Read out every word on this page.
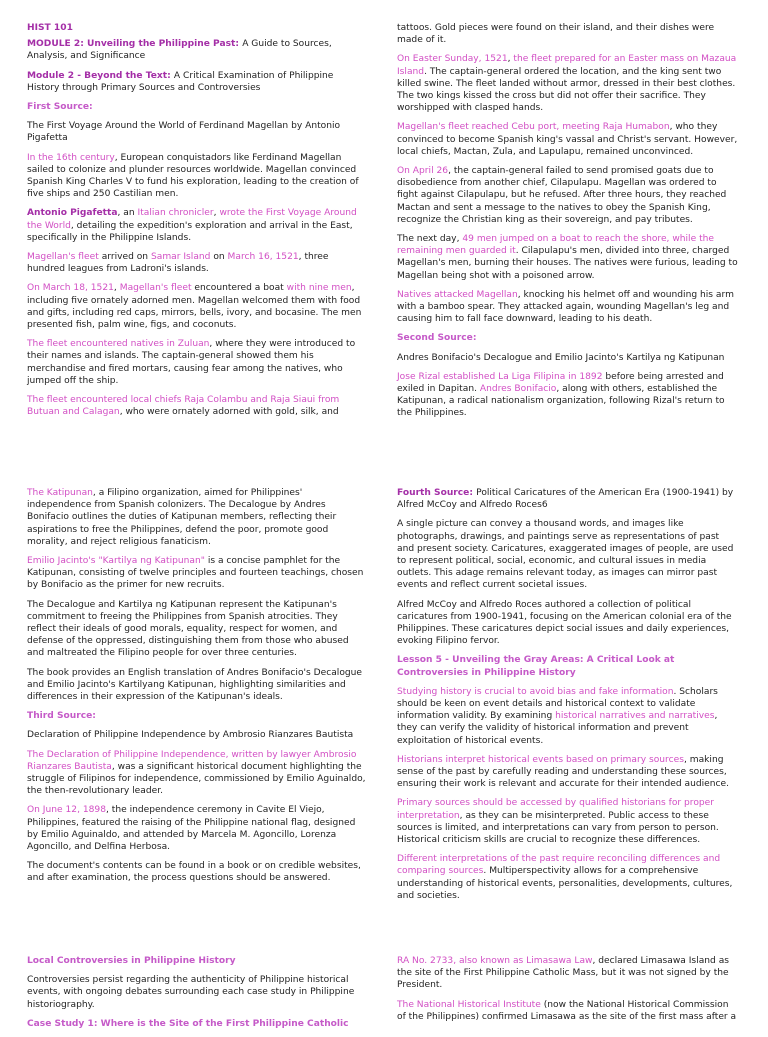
HIST 101

MODULE 2: Unveiling the Philippine Past: A Guide to Sources, Analysis, and Significance

Module 2 - Beyond the Text: A Critical Examination of Philippine History through Primary Sources and Controversies

First Source:

The First Voyage Around the World of Ferdinand Magellan by Antonio Pigafetta

In the 16th century, European conquistadors like Ferdinand Magellan sailed to colonize and plunder resources worldwide. Magellan convinced Spanish King Charles V to fund his exploration, leading to the creation of five ships and 250 Castilian men.

Antonio Pigafetta, an Italian chronicler, wrote the First Voyage Around the World, detailing the expedition's exploration and arrival in the East, specifically in the Philippine Islands.

Magellan's fleet arrived on Samar Island on March 16, 1521, three hundred leagues from Ladroni's islands.

On March 18, 1521, Magellan's fleet encountered a boat with nine men, including five ornately adorned men. Magellan welcomed them with food and gifts, including red caps, mirrors, bells, ivory, and bocasine. The men presented fish, palm wine, figs, and coconuts.

The fleet encountered natives in Zuluan, where they were introduced to their names and islands. The captain-general showed them his merchandise and fired mortars, causing fear among the natives, who jumped off the ship.

The fleet encountered local chiefs Raja Colambu and Raja Siaui from Butuan and Calagan, who were ornately adorned with gold, silk, and

tattoos. Gold pieces were found on their island, and their dishes were made of it.

On Easter Sunday, 1521, the fleet prepared for an Easter mass on Mazaua Island. The captain-general ordered the location, and the king sent two killed swine. The fleet landed without armor, dressed in their best clothes. The two kings kissed the cross but did not offer their sacrifice. They worshipped with clasped hands.

Magellan's fleet reached Cebu port, meeting Raja Humabon, who they convinced to become Spanish king's vassal and Christ's servant. However, local chiefs, Mactan, Zula, and Lapulapu, remained unconvinced.

On April 26, the captain-general failed to send promised goats due to disobedience from another chief, Cilapulapu. Magellan was ordered to fight against Cilapulapu, but he refused. After three hours, they reached Mactan and sent a message to the natives to obey the Spanish King, recognize the Christian king as their sovereign, and pay tributes.

The next day, 49 men jumped on a boat to reach the shore, while the remaining men guarded it. Cilapulapu's men, divided into three, charged Magellan's men, burning their houses. The natives were furious, leading to Magellan being shot with a poisoned arrow.

Natives attacked Magellan, knocking his helmet off and wounding his arm with a bamboo spear. They attacked again, wounding Magellan's leg and causing him to fall face downward, leading to his death.

Second Source:

Andres Bonifacio's Decalogue and Emilio Jacinto's Kartilya ng Katipunan

Jose Rizal established La Liga Filipina in 1892 before being arrested and exiled in Dapitan. Andres Bonifacio, along with others, established the Katipunan, a radical nationalism organization, following Rizal's return to the Philippines.

The Katipunan, a Filipino organization, aimed for Philippines' independence from Spanish colonizers. The Decalogue by Andres Bonifacio outlines the duties of Katipunan members, reflecting their aspirations to free the Philippines, defend the poor, promote good morality, and reject religious fanaticism.

Emilio Jacinto's "Kartilya ng Katipunan" is a concise pamphlet for the Katipunan, consisting of twelve principles and fourteen teachings, chosen by Bonifacio as the primer for new recruits.

The Decalogue and Kartilya ng Katipunan represent the Katipunan's commitment to freeing the Philippines from Spanish atrocities. They reflect their ideals of good morals, equality, respect for women, and defense of the oppressed, distinguishing them from those who abused and maltreated the Filipino people for over three centuries.

The book provides an English translation of Andres Bonifacio's Decalogue and Emilio Jacinto's Kartilyang Katipunan, highlighting similarities and differences in their expression of the Katipunan's ideals.

Third Source:

Declaration of Philippine Independence by Ambrosio Rianzares Bautista

The Declaration of Philippine Independence, written by lawyer Ambrosio Rianzares Bautista, was a significant historical document highlighting the struggle of Filipinos for independence, commissioned by Emilio Aguinaldo, the then-revolutionary leader.

On June 12, 1898, the independence ceremony in Cavite El Viejo, Philippines, featured the raising of the Philippine national flag, designed by Emilio Aguinaldo, and attended by Marcela M. Agoncillo, Lorenza Agoncillo, and Delfina Herbosa.

The document's contents can be found in a book or on credible websites, and after examination, the process questions should be answered.

Fourth Source: Political Caricatures of the American Era (1900-1941) by Alfred McCoy and Alfredo Roces6

A single picture can convey a thousand words, and images like photographs, drawings, and paintings serve as representations of past and present society. Caricatures, exaggerated images of people, are used to represent political, social, economic, and cultural issues in media outlets. This adage remains relevant today, as images can mirror past events and reflect current societal issues.

Alfred McCoy and Alfredo Roces authored a collection of political caricatures from 1900-1941, focusing on the American colonial era of the Philippines. These caricatures depict social issues and daily experiences, evoking Filipino fervor.

Lesson 5 - Unveiling the Gray Areas: A Critical Look at Controversies in Philippine History

Studying history is crucial to avoid bias and fake information. Scholars should be keen on event details and historical context to validate information validity. By examining historical narratives and narratives, they can verify the validity of historical information and prevent exploitation of historical events.

Historians interpret historical events based on primary sources, making sense of the past by carefully reading and understanding these sources, ensuring their work is relevant and accurate for their intended audience.

Primary sources should be accessed by qualified historians for proper interpretation, as they can be misinterpreted. Public access to these sources is limited, and interpretations can vary from person to person. Historical criticism skills are crucial to recognize these differences.

Different interpretations of the past require reconciling differences and comparing sources. Multiperspectivity allows for a comprehensive understanding of historical events, personalities, developments, cultures, and societies.

Local Controversies in Philippine History

Controversies persist regarding the authenticity of Philippine historical events, with ongoing debates surrounding each case study in Philippine historiography.

Case Study 1: Where is the Site of the First Philippine Catholic

RA No. 2733, also known as Limasawa Law, declared Limasawa Island as the site of the First Philippine Catholic Mass, but it was not signed by the President.

The National Historical Institute (now the National Historical Commission of the Philippines) confirmed Limasawa as the site of the first mass after a
